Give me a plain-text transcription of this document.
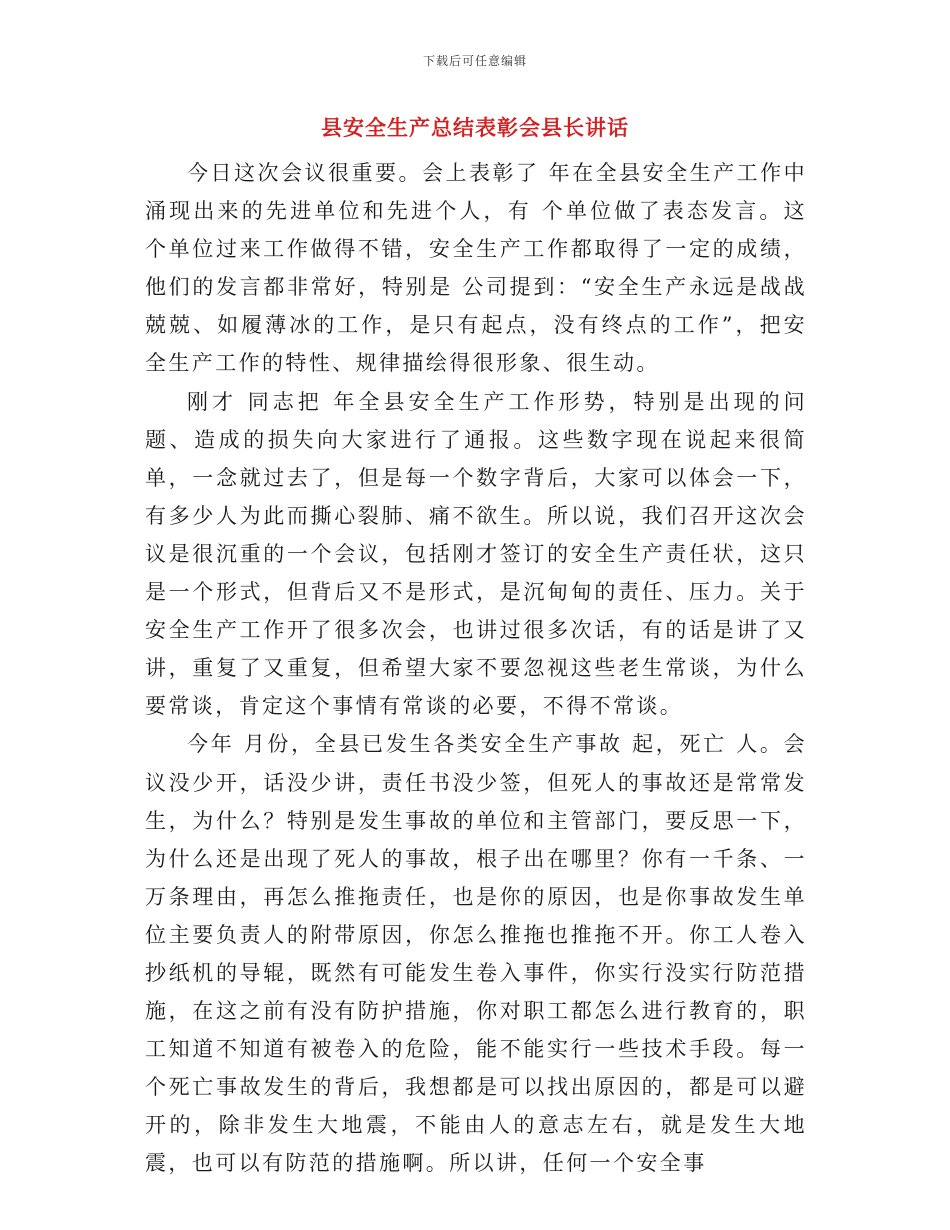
下载后可任意编辑
县安全生产总结表彰会县长讲话

今日这次会议很重要。会上表彰了 年在全县安全生产工作中涌现出来的先进单位和先进个人，有 个单位做了表态发言。这 个单位过来工作做得不错，安全生产工作都取得了一定的成绩，他们的发言都非常好，特别是 公司提到：“安全生产永远是战战兢兢、如履薄冰的工作，是只有起点，没有终点的工作”，把安全生产工作的特性、规律描绘得很形象、很生动。

刚才 同志把 年全县安全生产工作形势，特别是出现的问题、造成的损失向大家进行了通报。这些数字现在说起来很简单，一念就过去了，但是每一个数字背后，大家可以体会一下，有多少人为此而撕心裂肺、痛不欲生。所以说，我们召开这次会议是很沉重的一个会议，包括刚才签订的安全生产责任状，这只是一个形式，但背后又不是形式，是沉甸甸的责任、压力。关于安全生产工作开了很多次会，也讲过很多次话，有的话是讲了又讲，重复了又重复，但希望大家不要忽视这些老生常谈，为什么要常谈，肯定这个事情有常谈的必要，不得不常谈。

今年 月份，全县已发生各类安全生产事故 起，死亡 人。会议没少开，话没少讲，责任书没少签，但死人的事故还是常常发生，为什么？特别是发生事故的单位和主管部门，要反思一下，为什么还是出现了死人的事故，根子出在哪里？你有一千条、一万条理由，再怎么推拖责任，也是你的原因，也是你事故发生单位主要负责人的附带原因，你怎么推拖也推拖不开。你工人卷入抄纸机的导辊，既然有可能发生卷入事件，你实行没实行防范措施，在这之前有没有防护措施，你对职工都怎么进行教育的，职工知道不知道有被卷入的危险，能不能实行一些技术手段。每一个死亡事故发生的背后，我想都是可以找出原因的，都是可以避开的，除非发生大地震，不能由人的意志左右，就是发生大地震，也可以有防范的措施啊。所以讲，任何一个安全事
